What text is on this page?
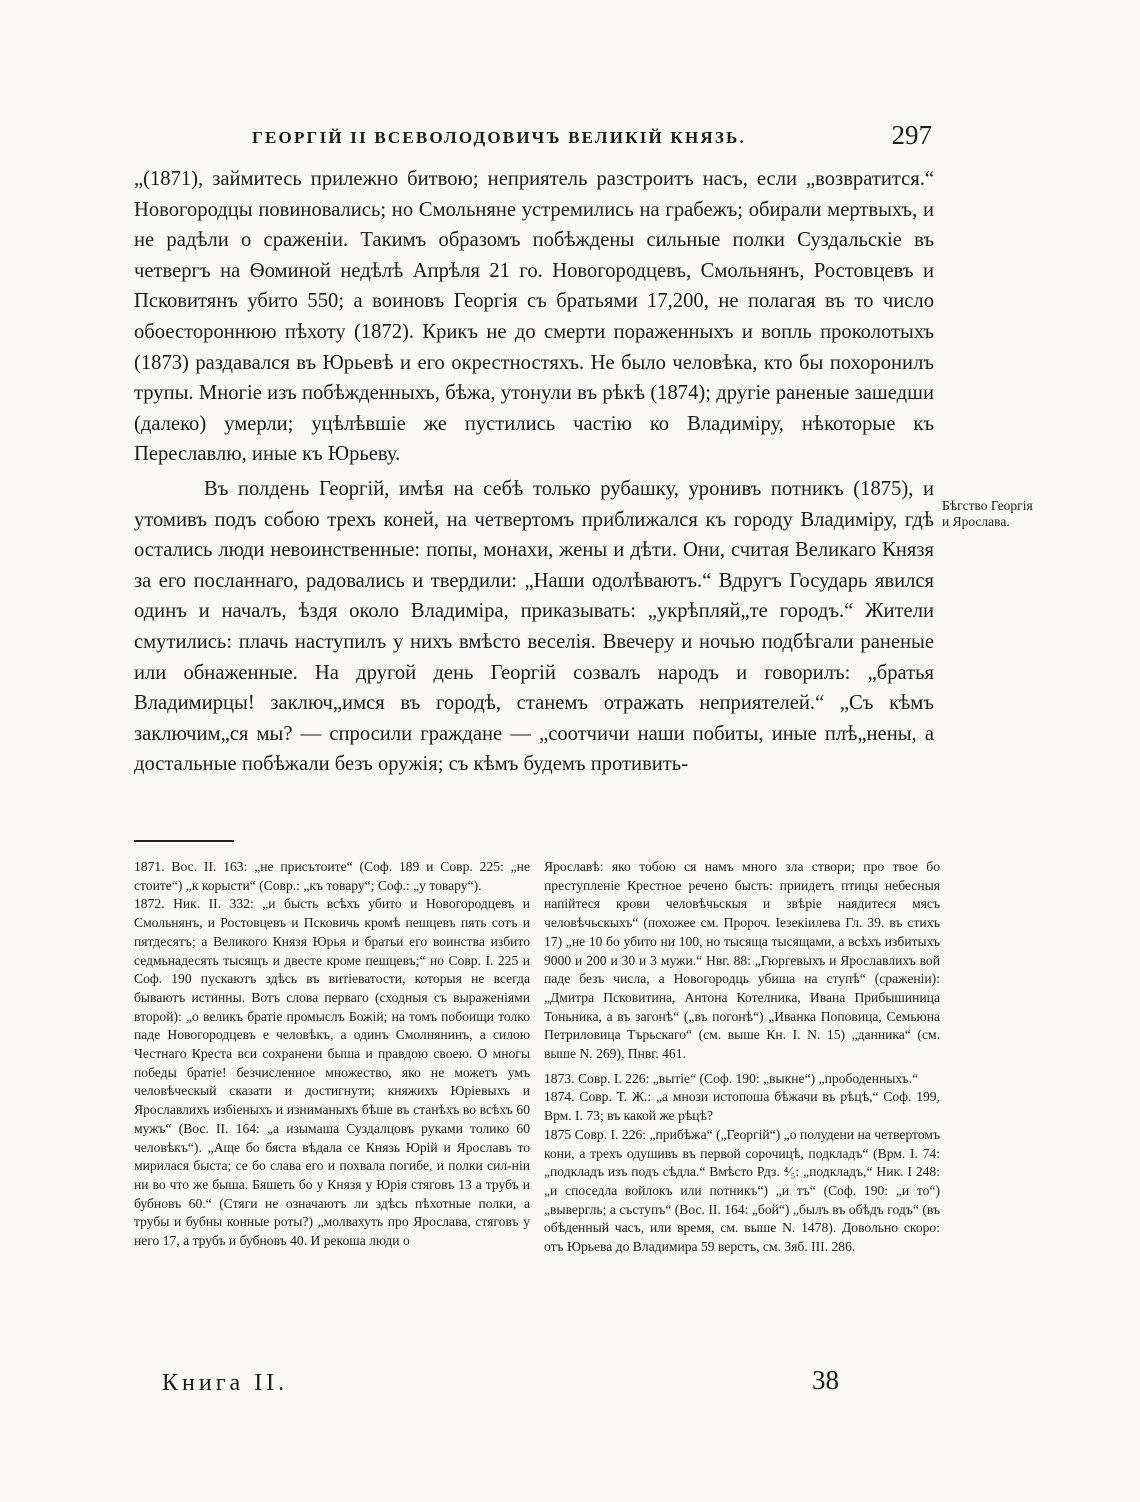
ГЕОРГІЙ II ВСЕВОЛОДОВИЧЪ ВЕЛИКІЙ КНЯЗЬ.	297

„(1871), займитесь прилежно битвою; неприятель разстроитъ насъ, если „возвратится.“ Новогородцы повиновались; но Смольняне устремились на грабежъ; обирали мертвыхъ, и не радѣли о сраженіи. Такимъ образомъ побѣждены сильные полки Суздальскіе въ четвергъ на Ѳоминой недѣлѣ Апрѣля 21 го. Новогородцевъ, Смольнянъ, Ростовцевъ и Псковитянъ убито 550; а воиновъ Георгія съ братьями 17,200, не полагая въ то число обоестороннюю пѣхоту (1872). Крикъ не до смерти пораженныхъ и вопль проколотыхъ (1873) раздавался въ Юрьевѣ и его окрестностяхъ. Не было человѣка, кто бы похоронилъ трупы. Многіе изъ побѣжденныхъ, бѣжа, утонули въ рѣкѣ (1874); другіе раненые зашедши (далеко) умерли; уцѣлѣвшіе же пустились частію ко Владиміру, нѣкоторые къ Переславлю, иные къ Юрьеву.

Въ полдень Георгій, имѣя на себѣ только рубашку, уронивъ потникъ (1875), и утомивъ подъ собою трехъ коней, на четвертомъ приближался къ городу Владиміру, гдѣ остались люди невоинственные: попы, монахи, жены и дѣти. Они, считая Великаго Князя за его посланнаго, радовались и твердили: „Наши одолѣваютъ.“ Вдругъ Государь явился одинъ и началъ, ѣздя около Владиміра, приказывать: „укрѣпляй„те городъ.“ Жители смутились: плачь наступилъ у нихъ вмѣсто веселія. Ввечеру и ночью подбѣгали раненые или обнаженные. На другой день Георгій созвалъ народъ и говорилъ: „братья Владимирцы! заключ„имся въ городѣ, станемъ отражать неприятелей.“ „Съ кѣмъ заключим„ся мы? — спросили граждане — „соотчичи наши побиты, иные плѣ„нены, а достальные побѣжали безъ оружія; съ кѣмъ будемъ противить-

Бѣгство Георгія и Ярослава.

1871. Вос. II. 163: „не присътоите“ (Соф. 189 и Совр. 225: „не стоите“) „к корысти“ (Совр.: „къ товару“; Соф.: „у товару“).

1872. Ник. II. 332: „и бысть всѣхъ убито и Новогородцевъ и Смольнянъ, и Ростовцевъ и Псковичь кромѣ пешцевъ пять сотъ и пятдесятъ; а Великого Князя Юрья и братьи его воинства избито седмьнадесять тысящъ и двесте кроме пешцевъ;“ но Совр. I. 225 и Соф. 190 пускаютъ здѣсь въ витіеватости, которыя не всегда бываютъ истинны. Вотъ слова перваго (сходныя съ выраженіями второй): „о великъ братіе промыслъ Божій; на томъ побоищи толко паде Новогородцевъ е человѣкъ, а одинъ Смолнянинъ, а силою Честнаго Креста вси сохранени быша и правдою своею. О многы победы братіе! безчисленное множество, яко не можетъ умъ человѣческый сказати и достигнути; княжихъ Юріевыхъ и Ярославлихъ избіеныхъ и изниманыхъ бѣше въ станѣхъ во всѣхъ 60 мужъ“ (Вос. II. 164: „а изымаша Суздалцовъ руками толико 60 человѣкъ“). „Аще бо бяста вѣдала се Князь Юрій и Ярославъ то мирилася быста; се бо слава его и похвала погибе, и полки сил-ніи ни во что же быша. Бяшеть бо у Князя у Юрія стяговъ 13 а трубъ и бубновъ 60.“ (Стяги не означаютъ ли здѣсь пѣхотные полки, а трубы и бубны конные роты?) „молвахуть про Ярослава, стяговъ у него 17, а трубъ и бубновъ 40. И рекоша люди о

Ярославѣ: яко тобою ся намъ много зла створи; про твое бо преступленіе Крестное речено бысть: приидетъ птицы небесныя напійтеся крови человѣчьскыя и звѣріе наядитеся мясъ человѣчьскыхъ“ (похожее см. Пророч. Іезекіилева Гл. 39. въ стихъ 17) „не 10 бо убито ни 100, но тысяща тысящами, а всѣхъ избитыхъ 9000 и 200 и 30 и 3 мужи.“ Нвг. 88: „Гюргевыхъ и Ярославлихъ вой паде безъ числа, а Новогородць убиша на ступѣ“ (сраженіи): „Дмитра Псковитина, Антона Котелника, Ивана Прибышиница Тоньника, а въ загонѣ“ („въ погонѣ“) „Иванка Поповица, Семьюна Петриловица Търьскаго“ (см. выше Кн. I. N. 15) „данника“ (см. выше N. 269), Пнвг. 461.

1873. Совр. I. 226: „вытіе“ (Соф. 190: „выкне“) „прободенныхъ.“

1874. Совр. Т. Ж.: „а мнози истопоша бѣжачи въ рѣцѣ,“ Соф. 199, Врм. I. 73; въ какой же рѣцѣ?

1875 Совр. I. 226: „прибѣжа“ („Георгій“) „о полудени на четвертомъ кони, а трехъ одушивъ въ первой сорочицѣ, подкладъ“ (Врм. I. 74: „подкладъ изъ подъ сѣдла.“ Вмѣсто Рдз. ⁴⁄₅: „подкладъ,“ Ник. I 248: „и споседла войлокъ или потникъ“) „и тъ“ (Соф. 190: „и то“) „вывергль; а съступъ“ (Вос. II. 164: „бой“) „былъ въ обѣдъ годъ“ (въ обѣденный часъ, или время, см. выше N. 1478). Довольно скоро: отъ Юрьева до Владимира 59 верстъ, см. Зяб. III. 286.

Книга II.	38
